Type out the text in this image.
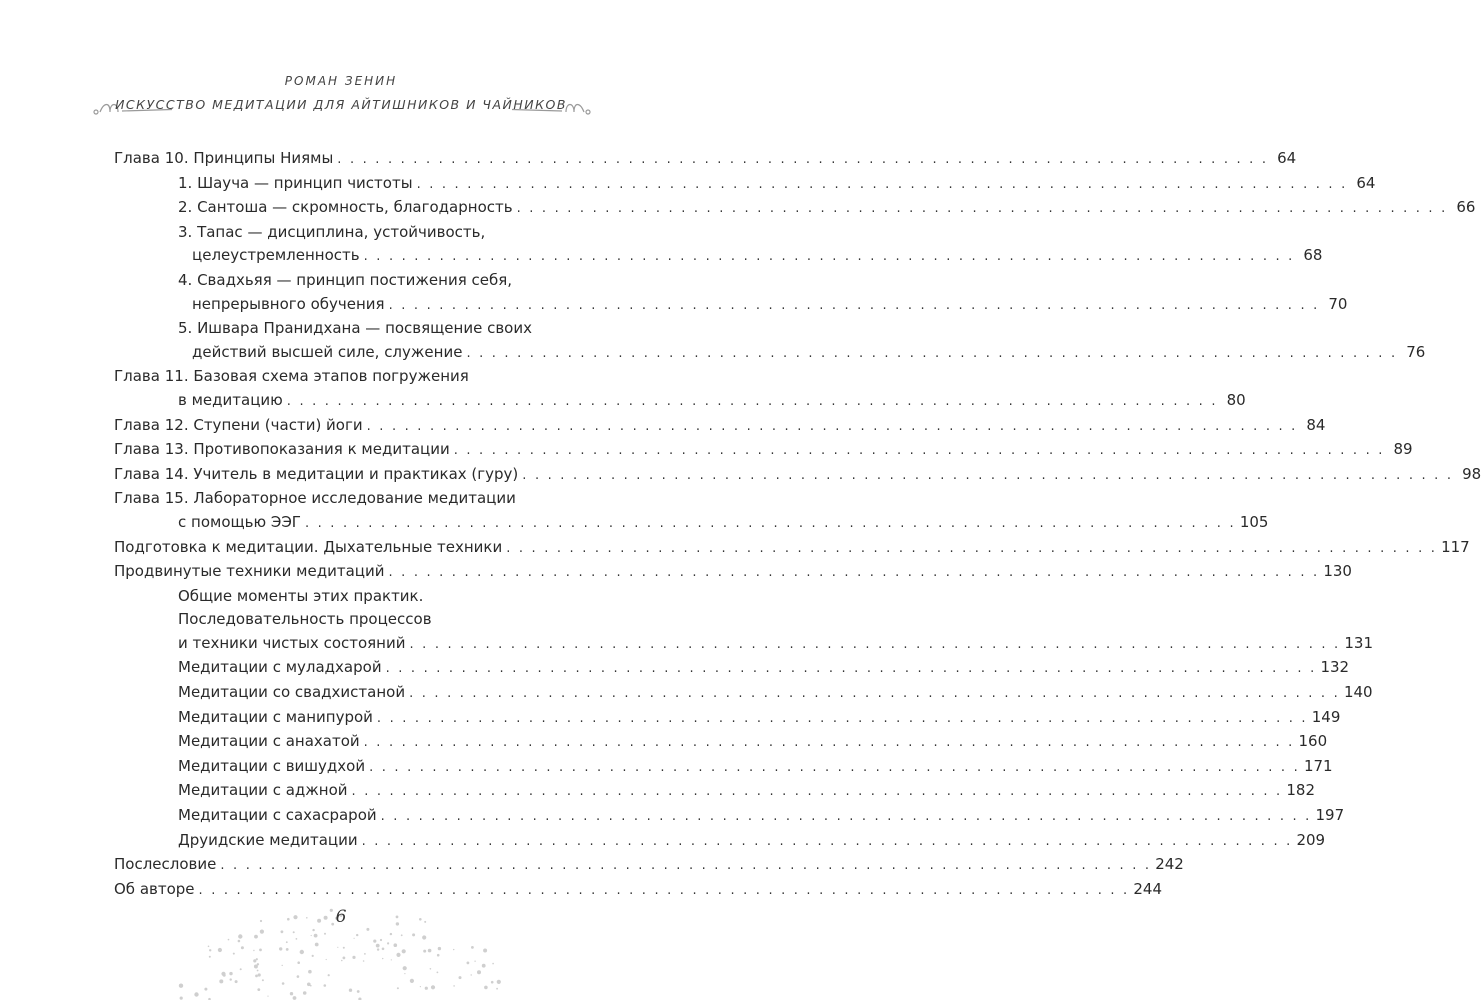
РОМАН ЗЕНИН
ИСКУССТВО МЕДИТАЦИИ ДЛЯ АЙТИШНИКОВ И ЧАЙНИКОВ
Глава 10. Принципы Ниямы . . . . . . . . . . . . . . . . . . . . . . . . . . . . . . . . . . . . . . . . . . . . . . . . . . . . . . . . . . . . . . . . . . . . . . . . . . 64
1. Шауча — принцип чистоты . . . . . . . . . . . . . . . . . . . . . . . . . . . . . . . . . . . . . . . . . . . . . . . . . . . . . . . . . . . . . . . . . . . . . . . . . . 64
2. Сантоша — скромность, благодарность . . . . . . . . . . . . . . . . . . . . . . . . . . . . . . . . . . . . . . . . . . . . . . . . . . . . . . . . . . . . . . . . . . . . . . . . . . 66
3. Тапас — дисциплина, устойчивость,
целеустремленность . . . . . . . . . . . . . . . . . . . . . . . . . . . . . . . . . . . . . . . . . . . . . . . . . . . . . . . . . . . . . . . . . . . . . . . . . . 68
4. Свадхьяя — принцип постижения себя,
непрерывного обучения . . . . . . . . . . . . . . . . . . . . . . . . . . . . . . . . . . . . . . . . . . . . . . . . . . . . . . . . . . . . . . . . . . . . . . . . . . 70
5. Ишвара Пранидхана — посвящение своих
действий высшей силе, служение . . . . . . . . . . . . . . . . . . . . . . . . . . . . . . . . . . . . . . . . . . . . . . . . . . . . . . . . . . . . . . . . . . . . . . . . . . 76
Глава 11. Базовая схема этапов погружения
в медитацию . . . . . . . . . . . . . . . . . . . . . . . . . . . . . . . . . . . . . . . . . . . . . . . . . . . . . . . . . . . . . . . . . . . . . . . . . . 80
Глава 12. Ступени (части) йоги . . . . . . . . . . . . . . . . . . . . . . . . . . . . . . . . . . . . . . . . . . . . . . . . . . . . . . . . . . . . . . . . . . . . . . . . . . 84
Глава 13. Противопоказания к медитации . . . . . . . . . . . . . . . . . . . . . . . . . . . . . . . . . . . . . . . . . . . . . . . . . . . . . . . . . . . . . . . . . . . . . . . . . . 89
Глава 14. Учитель в медитации и практиках (гуру) . . . . . . . . . . . . . . . . . . . . . . . . . . . . . . . . . . . . . . . . . . . . . . . . . . . . . . . . . . . . . . . . . . . . . . . . . . 98
Глава 15. Лабораторное исследование медитации
с помощью ЭЭГ . . . . . . . . . . . . . . . . . . . . . . . . . . . . . . . . . . . . . . . . . . . . . . . . . . . . . . . . . . . . . . . . . . . . . . . . . . 105
Подготовка к медитации. Дыхательные техники . . . . . . . . . . . . . . . . . . . . . . . . . . . . . . . . . . . . . . . . . . . . . . . . . . . . . . . . . . . . . . . . . . . . . . . . . . 117
Продвинутые техники медитаций . . . . . . . . . . . . . . . . . . . . . . . . . . . . . . . . . . . . . . . . . . . . . . . . . . . . . . . . . . . . . . . . . . . . . . . . . . 130
Общие моменты этих практик.
Последовательность процессов
и техники чистых состояний . . . . . . . . . . . . . . . . . . . . . . . . . . . . . . . . . . . . . . . . . . . . . . . . . . . . . . . . . . . . . . . . . . . . . . . . . . 131
Медитации с муладхарой . . . . . . . . . . . . . . . . . . . . . . . . . . . . . . . . . . . . . . . . . . . . . . . . . . . . . . . . . . . . . . . . . . . . . . . . . . 132
Медитации со свадхистаной . . . . . . . . . . . . . . . . . . . . . . . . . . . . . . . . . . . . . . . . . . . . . . . . . . . . . . . . . . . . . . . . . . . . . . . . . . 140
Медитации с манипурой . . . . . . . . . . . . . . . . . . . . . . . . . . . . . . . . . . . . . . . . . . . . . . . . . . . . . . . . . . . . . . . . . . . . . . . . . . 149
Медитации с анахатой . . . . . . . . . . . . . . . . . . . . . . . . . . . . . . . . . . . . . . . . . . . . . . . . . . . . . . . . . . . . . . . . . . . . . . . . . . 160
Медитации с вишудхой . . . . . . . . . . . . . . . . . . . . . . . . . . . . . . . . . . . . . . . . . . . . . . . . . . . . . . . . . . . . . . . . . . . . . . . . . . 171
Медитации с аджной . . . . . . . . . . . . . . . . . . . . . . . . . . . . . . . . . . . . . . . . . . . . . . . . . . . . . . . . . . . . . . . . . . . . . . . . . . 182
Медитации с сахасрарой . . . . . . . . . . . . . . . . . . . . . . . . . . . . . . . . . . . . . . . . . . . . . . . . . . . . . . . . . . . . . . . . . . . . . . . . . . 197
Друидские медитации . . . . . . . . . . . . . . . . . . . . . . . . . . . . . . . . . . . . . . . . . . . . . . . . . . . . . . . . . . . . . . . . . . . . . . . . . . 209
Послесловие . . . . . . . . . . . . . . . . . . . . . . . . . . . . . . . . . . . . . . . . . . . . . . . . . . . . . . . . . . . . . . . . . . . . . . . . . . 242
Об авторе . . . . . . . . . . . . . . . . . . . . . . . . . . . . . . . . . . . . . . . . . . . . . . . . . . . . . . . . . . . . . . . . . . . . . . . . . . 244
6
